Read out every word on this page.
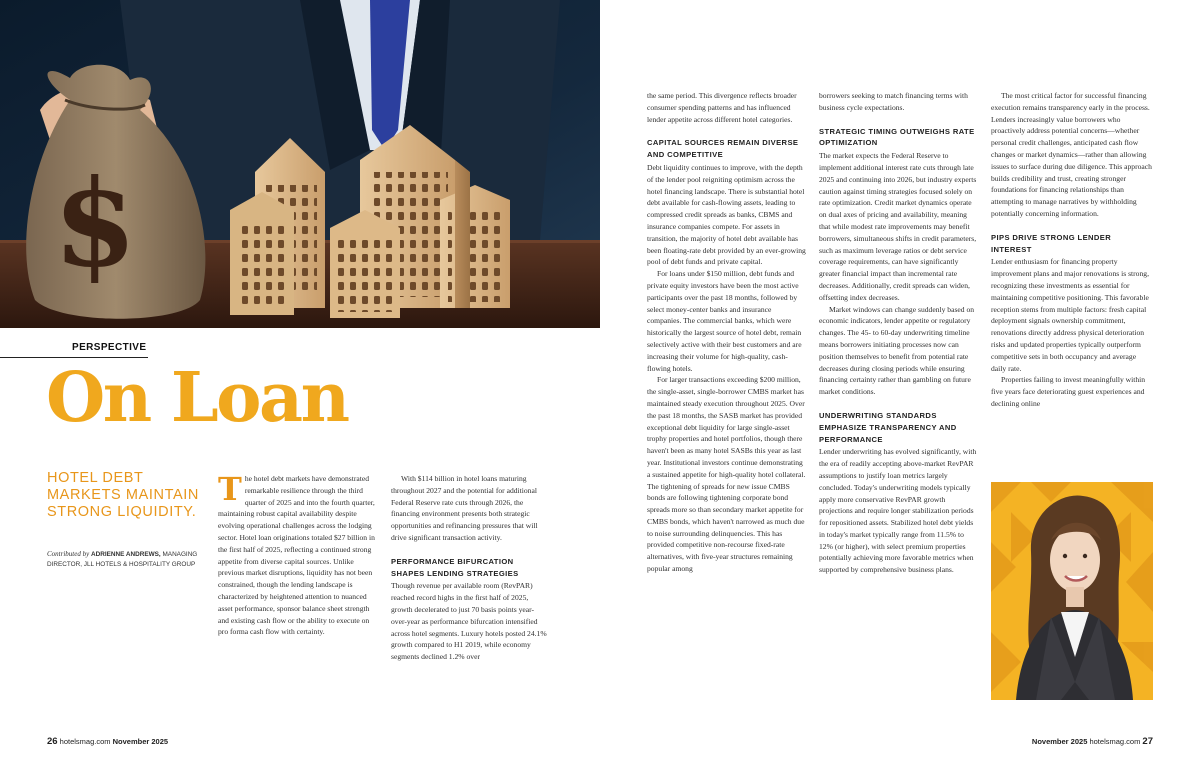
$
PERSPECTIVE
On Loan
HOTEL DEBT MARKETS MAINTAIN STRONG LIQUIDITY.
Contributed by ADRIENNE ANDREWS, MANAGING DIRECTOR, JLL HOTELS & HOSPITALITY GROUP

The hotel debt markets have demonstrated remarkable resilience through the third quarter of 2025 and into the fourth quarter, maintaining robust capital availability despite evolving operational challenges across the lodging sector. Hotel loan originations totaled $27 billion in the first half of 2025, reflecting a continued strong appetite from diverse capital sources. Unlike previous market disruptions, liquidity has not been constrained, though the lending landscape is characterized by heightened attention to nuanced asset performance, sponsor balance sheet strength and existing cash flow or the ability to execute on pro forma cash flow with certainty.

With $114 billion in hotel loans maturing throughout 2027 and the potential for additional Federal Reserve rate cuts through 2026, the financing environment presents both strategic opportunities and refinancing pressures that will drive significant transaction activity.

PERFORMANCE BIFURCATION SHAPES LENDING STRATEGIES

Though revenue per available room (RevPAR) reached record highs in the first half of 2025, growth decelerated to just 70 basis points year-over-year as performance bifurcation intensified across hotel segments. Luxury hotels posted 24.1% growth compared to H1 2019, while economy segments declined 1.2% over

the same period. This divergence reflects broader consumer spending patterns and has influenced lender appetite across different hotel categories.

CAPITAL SOURCES REMAIN DIVERSE AND COMPETITIVE

Debt liquidity continues to improve, with the depth of the lender pool reigniting optimism across the hotel financing landscape. There is substantial hotel debt available for cash-flowing assets, leading to compressed credit spreads as banks, CBMS and insurance companies compete. For assets in transition, the majority of hotel debt available has been floating-rate debt provided by an ever-growing pool of debt funds and private capital.

For loans under $150 million, debt funds and private equity investors have been the most active participants over the past 18 months, followed by select money-center banks and insurance companies. The commercial banks, which were historically the largest source of hotel debt, remain selectively active with their best customers and are increasing their volume for high-quality, cash-flowing hotels.

For larger transactions exceeding $200 million, the single-asset, single-borrower CMBS market has maintained steady execution throughout 2025. Over the past 18 months, the SASB market has provided exceptional debt liquidity for large single-asset trophy properties and hotel portfolios, though there haven't been as many hotel SASBs this year as last year. Institutional investors continue demonstrating a sustained appetite for high-quality hotel collateral. The tightening of spreads for new issue CMBS bonds are following tightening corporate bond spreads more so than secondary market appetite for CMBS bonds, which haven't narrowed as much due to noise surrounding delinquencies. This has provided competitive non-recourse fixed-rate alternatives, with five-year structures remaining popular among

borrowers seeking to match financing terms with business cycle expectations.

STRATEGIC TIMING OUTWEIGHS RATE OPTIMIZATION

The market expects the Federal Reserve to implement additional interest rate cuts through late 2025 and continuing into 2026, but industry experts caution against timing strategies focused solely on rate optimization. Credit market dynamics operate on dual axes of pricing and availability, meaning that while modest rate improvements may benefit borrowers, simultaneous shifts in credit parameters, such as maximum leverage ratios or debt service coverage requirements, can have significantly greater financial impact than incremental rate decreases. Additionally, credit spreads can widen, offsetting index decreases.

Market windows can change suddenly based on economic indicators, lender appetite or regulatory changes. The 45- to 60-day underwriting timeline means borrowers initiating processes now can position themselves to benefit from potential rate decreases during closing periods while ensuring financing certainty rather than gambling on future market conditions.

UNDERWRITING STANDARDS EMPHASIZE TRANSPARENCY AND PERFORMANCE

Lender underwriting has evolved significantly, with the era of readily accepting above-market RevPAR assumptions to justify loan metrics largely concluded. Today's underwriting models typically apply more conservative RevPAR growth projections and require longer stabilization periods for repositioned assets. Stabilized hotel debt yields in today's market typically range from 11.5% to 12% (or higher), with select premium properties potentially achieving more favorable metrics when supported by comprehensive business plans.

The most critical factor for successful financing execution remains transparency early in the process. Lenders increasingly value borrowers who proactively address potential concerns—whether personal credit challenges, anticipated cash flow changes or market dynamics—rather than allowing issues to surface during due diligence. This approach builds credibility and trust, creating stronger foundations for financing relationships than attempting to manage narratives by withholding potentially concerning information.

PIPS DRIVE STRONG LENDER INTEREST

Lender enthusiasm for financing property improvement plans and major renovations is strong, recognizing these investments as essential for maintaining competitive positioning. This favorable reception stems from multiple factors: fresh capital deployment signals ownership commitment, renovations directly address physical deterioration risks and updated properties typically outperform competitive sets in both occupancy and average daily rate.

Properties failing to invest meaningfully within five years face deteriorating guest experiences and declining online

26 hotelsmag.com November 2025	November 2025 hotelsmag.com 27
